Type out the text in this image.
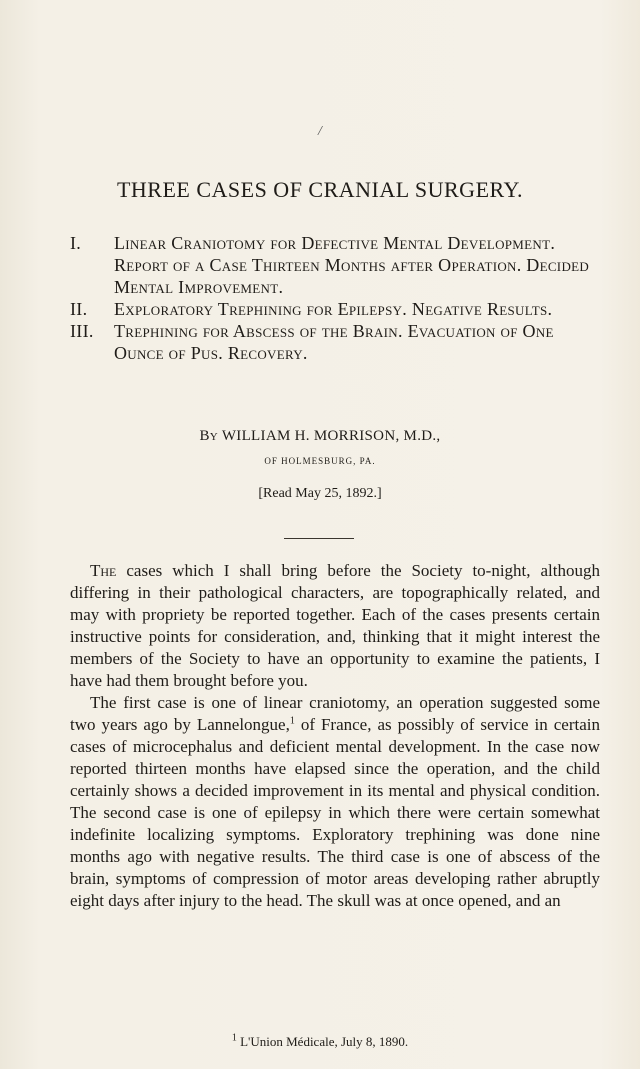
/
THREE CASES OF CRANIAL SURGERY.
I.	Linear Craniotomy for Defective Mental Development. Report of a Case Thirteen Months after Operation. Decided Mental Improvement.
II.	Exploratory Trephining for Epilepsy. Negative Results.
III.	Trephining for Abscess of the Brain. Evacuation of One Ounce of Pus. Recovery.
By WILLIAM H. MORRISON, M.D.,
OF HOLMESBURG, PA.
[Read May 25, 1892.]

The cases which I shall bring before the Society to-night, although differing in their pathological characters, are topographically related, and may with propriety be reported together. Each of the cases presents certain instructive points for consideration, and, thinking that it might interest the members of the Society to have an opportunity to examine the patients, I have had them brought before you.

The first case is one of linear craniotomy, an operation suggested some two years ago by Lannelongue,$^1$ of France, as possibly of service in certain cases of microcephalus and deficient mental development. In the case now reported thirteen months have elapsed since the operation, and the child certainly shows a decided improvement in its mental and physical condition. The second case is one of epilepsy in which there were certain somewhat indefinite localizing symptoms. Exploratory trephining was done nine months ago with negative results. The third case is one of abscess of the brain, symptoms of compression of motor areas developing rather abruptly eight days after injury to the head. The skull was at once opened, and an

$^1$ L'Union Médicale, July 8, 1890.
